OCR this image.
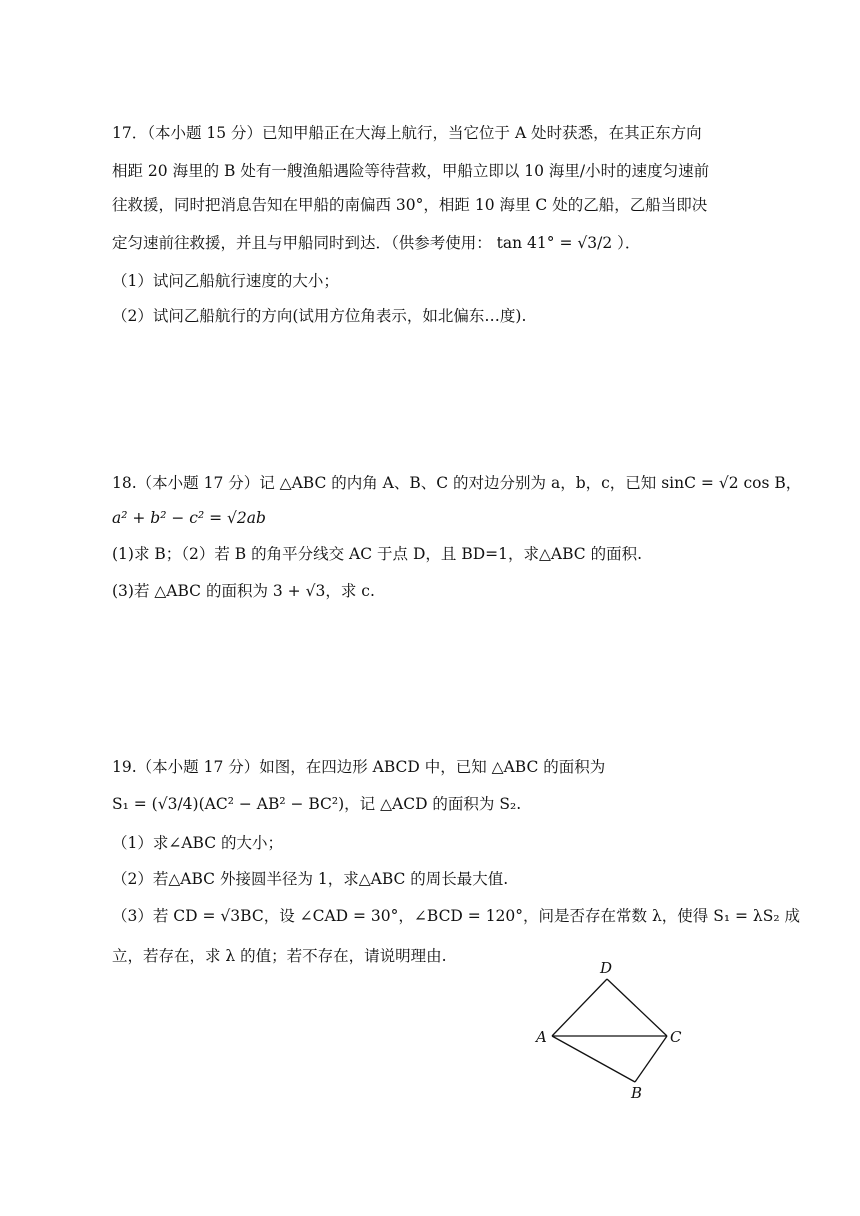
17．（本小题 15 分）已知甲船正在大海上航行，当它位于 A 处时获悉，在其正东方向
相距 20 海里的 B 处有一艘渔船遇险等待营救，甲船立即以 10 海里/小时的速度匀速前
往救援，同时把消息告知在甲船的南偏西 30°，相距 10 海里 C 处的乙船，乙船当即决
定匀速前往救援，并且与甲船同时到达．（供参考使用： tan 41° = √3/2 ）．
（1）试问乙船航行速度的大小；
（2）试问乙船航行的方向(试用方位角表示，如北偏东…度).
18.（本小题 17 分）记 △ABC 的内角 A、B、C 的对边分别为 a，b，c，已知 sinC = √2 cos B，
a² + b² − c² = √2ab
(1)求 B；（2）若 B 的角平分线交 AC 于点 D，且 BD=1，求△ABC 的面积.
(3)若 △ABC 的面积为 3 + √3，求 c.
19.（本小题 17 分）如图，在四边形 ABCD 中，已知 △ABC 的面积为
S₁ = (√3/4)(AC² − AB² − BC²)，记 △ACD 的面积为 S₂.
（1）求∠ABC 的大小；
（2）若△ABC 外接圆半径为 1，求△ABC 的周长最大值.
（3）若 CD = √3BC，设 ∠CAD = 30°，∠BCD = 120°，问是否存在常数 λ，使得 S₁ = λS₂ 成
立，若存在，求 λ 的值；若不存在，请说明理由.
D
A	C
B
